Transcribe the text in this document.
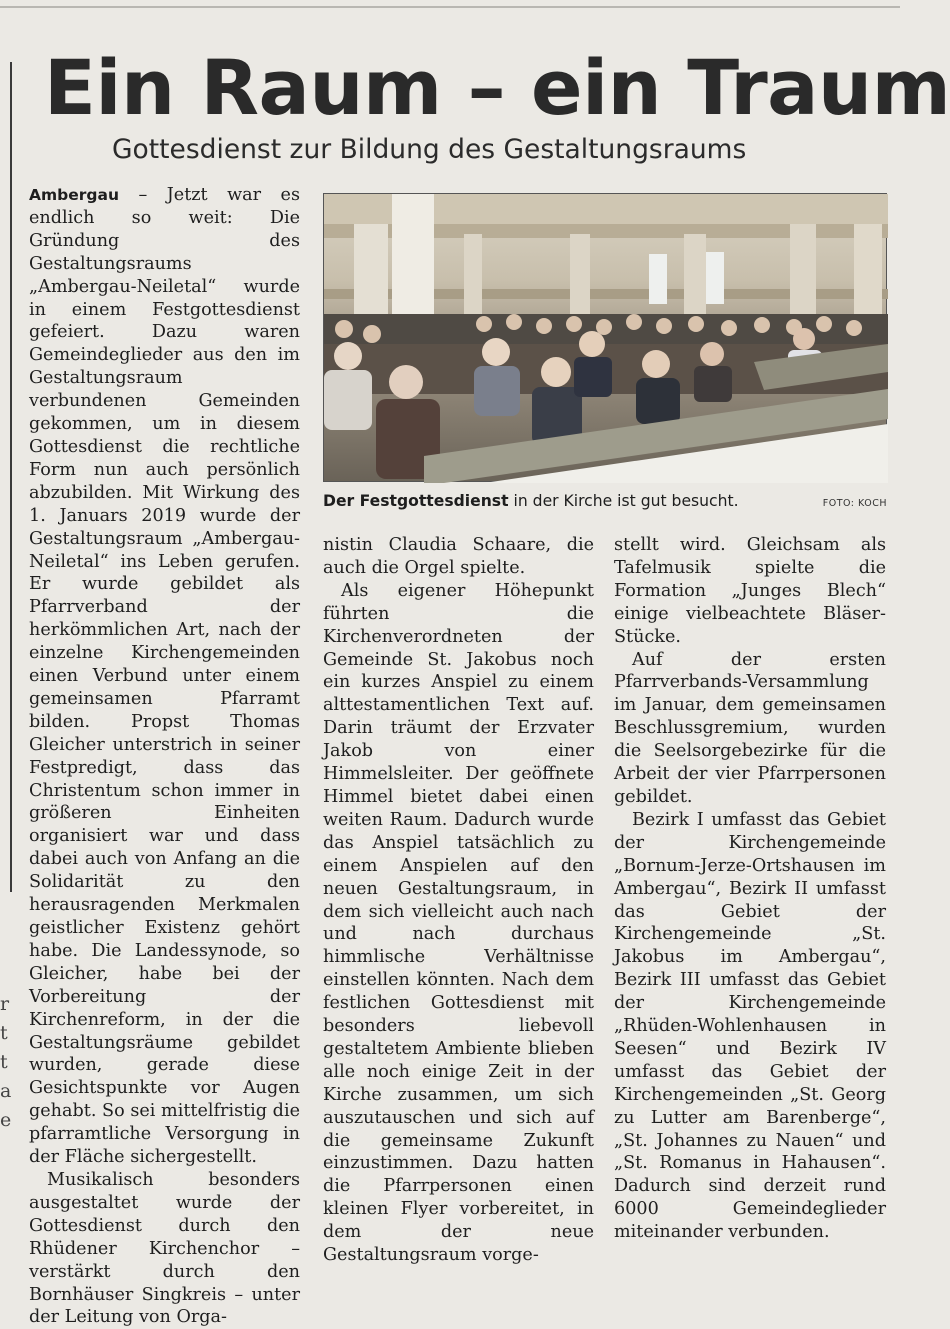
r
t
t
a
e
Ein Raum – ein Traum
Gottesdienst zur Bildung des Gestaltungsraums

Ambergau – Jetzt war es endlich so weit: Die Gründung des Gestaltungsraums „Ambergau-Neiletal“ wurde in einem Festgottesdienst gefeiert. Dazu waren Gemeindeglieder aus den im Gestaltungsraum verbundenen Gemeinden gekommen, um in diesem Gottesdienst die rechtliche Form nun auch persönlich abzubilden. Mit Wirkung des 1. Januars 2019 wurde der Gestaltungsraum „Ambergau-Neiletal“ ins Leben gerufen. Er wurde gebildet als Pfarrverband der herkömmlichen Art, nach der einzelne Kirchengemeinden einen Verbund unter einem gemeinsamen Pfarramt bilden. Propst Thomas Gleicher unterstrich in seiner Festpredigt, dass das Christentum schon immer in größeren Einheiten organisiert war und dass dabei auch von Anfang an die Solidarität zu den herausragenden Merkmalen geistlicher Existenz gehört habe. Die Landessynode, so Gleicher, habe bei der Vorbereitung der Kirchenreform, in der die Gestaltungsräume gebildet wurden, gerade diese Gesichtspunkte vor Augen gehabt. So sei mittelfristig die pfarramtliche Versorgung in der Fläche sichergestellt.

Musikalisch besonders ausgestaltet wurde der Gottesdienst durch den Rhüdener Kirchenchor – verstärkt durch den Bornhäuser Singkreis – unter der Leitung von Orga-

Der Festgottesdienst in der Kirche ist gut besucht.	FOTO: KOCH

nistin Claudia Schaare, die auch die Orgel spielte.

Als eigener Höhepunkt führten die Kirchenverordneten der Gemeinde St. Jakobus noch ein kurzes Anspiel zu einem alttestamentlichen Text auf. Darin träumt der Erzvater Jakob von einer Himmelsleiter. Der geöffnete Himmel bietet dabei einen weiten Raum. Dadurch wurde das Anspiel tatsächlich zu einem Anspielen auf den neuen Gestaltungsraum, in dem sich vielleicht auch nach und nach durchaus himmlische Verhältnisse einstellen könnten. Nach dem festlichen Gottesdienst mit besonders liebevoll gestaltetem Ambiente blieben alle noch einige Zeit in der Kirche zusammen, um sich auszutauschen und sich auf die gemeinsame Zukunft einzustimmen. Dazu hatten die Pfarrpersonen einen kleinen Flyer vorbereitet, in dem der neue Gestaltungsraum vorge-

stellt wird. Gleichsam als Tafelmusik spielte die Formation „Junges Blech“ einige vielbeachtete Bläser-Stücke.

Auf der ersten Pfarrverbands-Versammlung im Januar, dem gemeinsamen Beschlussgremium, wurden die Seelsorgebezirke für die Arbeit der vier Pfarrpersonen gebildet.

Bezirk I umfasst das Gebiet der Kirchengemeinde „Bornum-Jerze-Ortshausen im Ambergau“, Bezirk II umfasst das Gebiet der Kirchengemeinde „St. Jakobus im Ambergau“, Bezirk III umfasst das Gebiet der Kirchengemeinde „Rhüden-Wohlenhausen in Seesen“ und Bezirk IV umfasst das Gebiet der Kirchengemeinden „St. Georg zu Lutter am Barenberge“, „St. Johannes zu Nauen“ und „St. Romanus in Hahausen“. Dadurch sind derzeit rund 6000 Gemeindeglieder miteinander verbunden.
